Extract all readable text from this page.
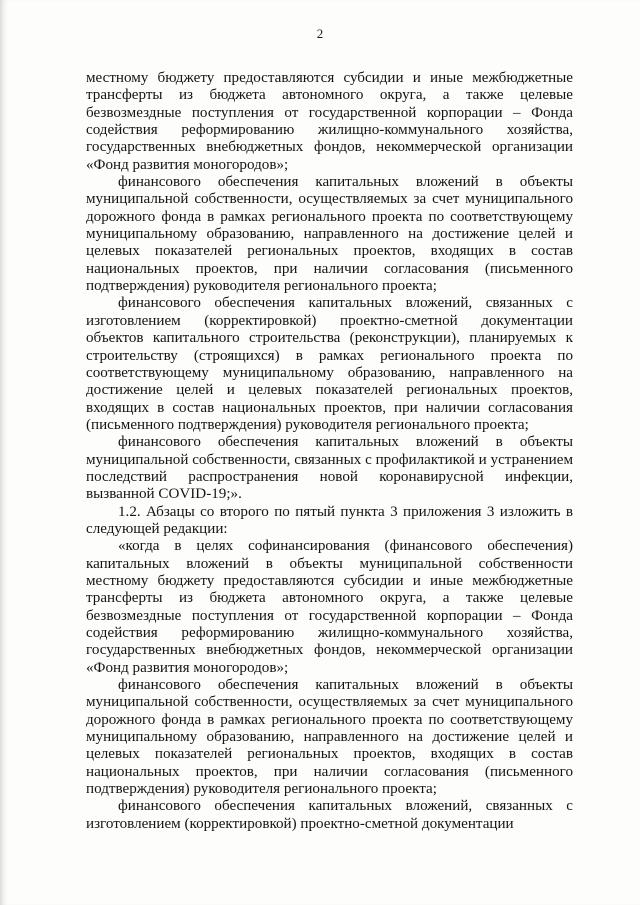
2

местному бюджету предоставляются субсидии и иные межбюджетные трансферты из бюджета автономного округа, а также целевые безвозмездные поступления от государственной корпорации – Фонда содействия реформированию жилищно-коммунального хозяйства, государственных внебюджетных фондов, некоммерческой организации «Фонд развития моногородов»;

финансового обеспечения капитальных вложений в объекты муниципальной собственности, осуществляемых за счет муниципального дорожного фонда в рамках регионального проекта по соответствующему муниципальному образованию, направленного на достижение целей и целевых показателей региональных проектов, входящих в состав национальных проектов, при наличии согласования (письменного подтверждения) руководителя регионального проекта;

финансового обеспечения капитальных вложений, связанных с изготовлением (корректировкой) проектно-сметной документации объектов капитального строительства (реконструкции), планируемых к строительству (строящихся) в рамках регионального проекта по соответствующему муниципальному образованию, направленного на достижение целей и целевых показателей региональных проектов, входящих в состав национальных проектов, при наличии согласования (письменного подтверждения) руководителя регионального проекта;

финансового обеспечения капитальных вложений в объекты муниципальной собственности, связанных с профилактикой и устранением последствий распространения новой коронавирусной инфекции, вызванной COVID-19;».

1.2. Абзацы со второго по пятый пункта 3 приложения 3 изложить в следующей редакции:

«когда в целях софинансирования (финансового обеспечения) капитальных вложений в объекты муниципальной собственности местному бюджету предоставляются субсидии и иные межбюджетные трансферты из бюджета автономного округа, а также целевые безвозмездные поступления от государственной корпорации – Фонда содействия реформированию жилищно-коммунального хозяйства, государственных внебюджетных фондов, некоммерческой организации «Фонд развития моногородов»;

финансового обеспечения капитальных вложений в объекты муниципальной собственности, осуществляемых за счет муниципального дорожного фонда в рамках регионального проекта по соответствующему муниципальному образованию, направленного на достижение целей и целевых показателей региональных проектов, входящих в состав национальных проектов, при наличии согласования (письменного подтверждения) руководителя регионального проекта;

финансового обеспечения капитальных вложений, связанных с изготовлением (корректировкой) проектно-сметной документации
